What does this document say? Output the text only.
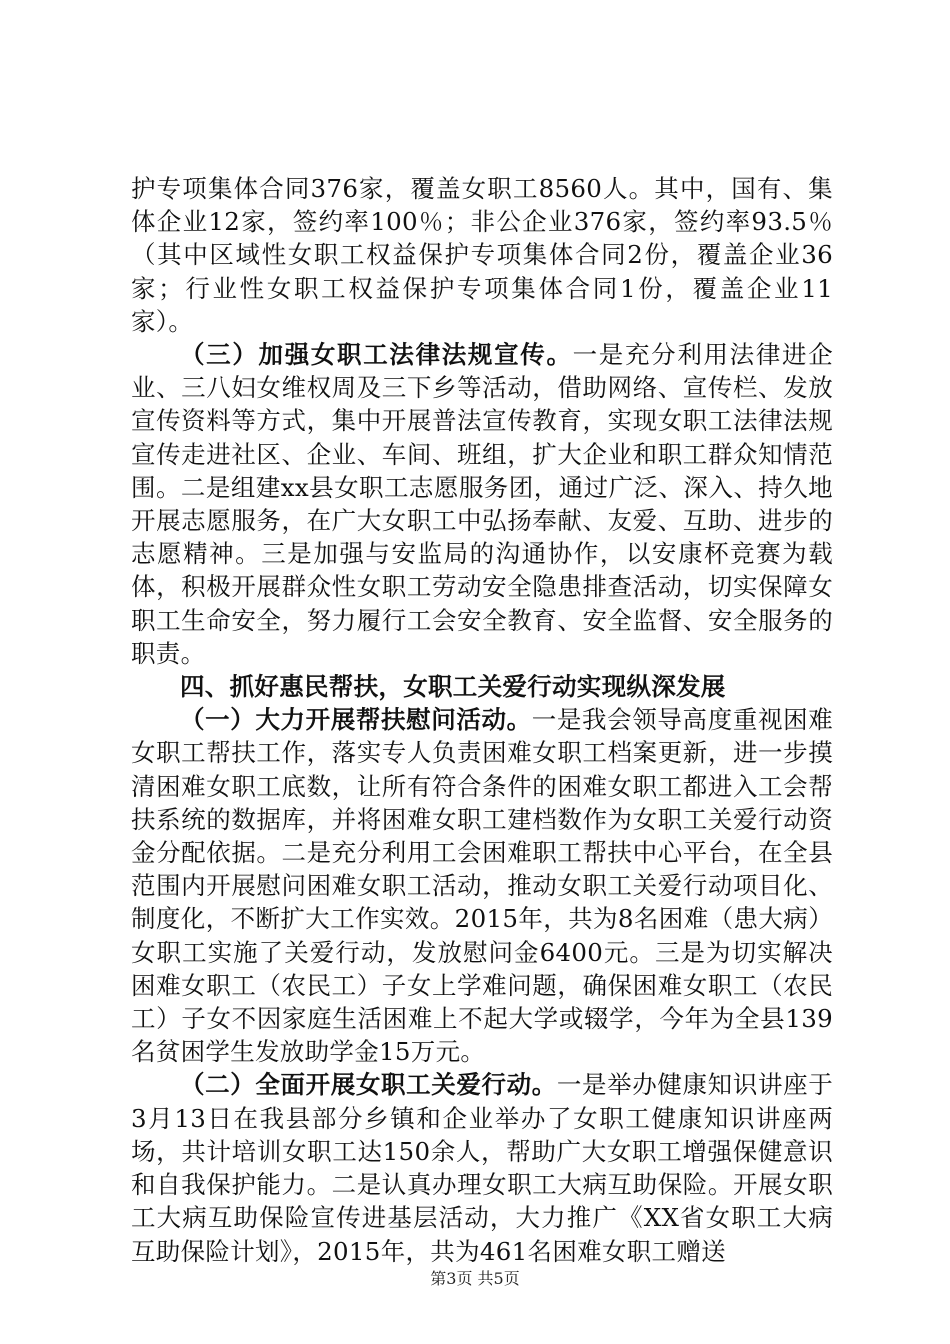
护专项集体合同376家，覆盖女职工8560人。其中，国有、集体企业12家，签约率100％；非公企业376家，签约率93.5％（其中区域性女职工权益保护专项集体合同2份，覆盖企业36家；行业性女职工权益保护专项集体合同1份，覆盖企业11家）。

（三）加强女职工法律法规宣传。一是充分利用法律进企业、三八妇女维权周及三下乡等活动，借助网络、宣传栏、发放宣传资料等方式，集中开展普法宣传教育，实现女职工法律法规宣传走进社区、企业、车间、班组，扩大企业和职工群众知情范围。二是组建xx县女职工志愿服务团，通过广泛、深入、持久地开展志愿服务，在广大女职工中弘扬奉献、友爱、互助、进步的志愿精神。三是加强与安监局的沟通协作，以安康杯竞赛为载体，积极开展群众性女职工劳动安全隐患排查活动，切实保障女职工生命安全，努力履行工会安全教育、安全监督、安全服务的职责。

四、抓好惠民帮扶，女职工关爱行动实现纵深发展

（一）大力开展帮扶慰问活动。一是我会领导高度重视困难女职工帮扶工作，落实专人负责困难女职工档案更新，进一步摸清困难女职工底数，让所有符合条件的困难女职工都进入工会帮扶系统的数据库，并将困难女职工建档数作为女职工关爱行动资金分配依据。二是充分利用工会困难职工帮扶中心平台，在全县范围内开展慰问困难女职工活动，推动女职工关爱行动项目化、制度化，不断扩大工作实效。2015年，共为8名困难（患大病）女职工实施了关爱行动，发放慰问金6400元。三是为切实解决困难女职工（农民工）子女上学难问题，确保困难女职工（农民工）子女不因家庭生活困难上不起大学或辍学，今年为全县139名贫困学生发放助学金15万元。

（二）全面开展女职工关爱行动。一是举办健康知识讲座于3月13日在我县部分乡镇和企业举办了女职工健康知识讲座两场，共计培训女职工达150余人，帮助广大女职工增强保健意识和自我保护能力。二是认真办理女职工大病互助保险。开展女职工大病互助保险宣传进基层活动，大力推广《XX省女职工大病互助保险计划》，2015年，共为461名困难女职工赠送

第3页 共5页
